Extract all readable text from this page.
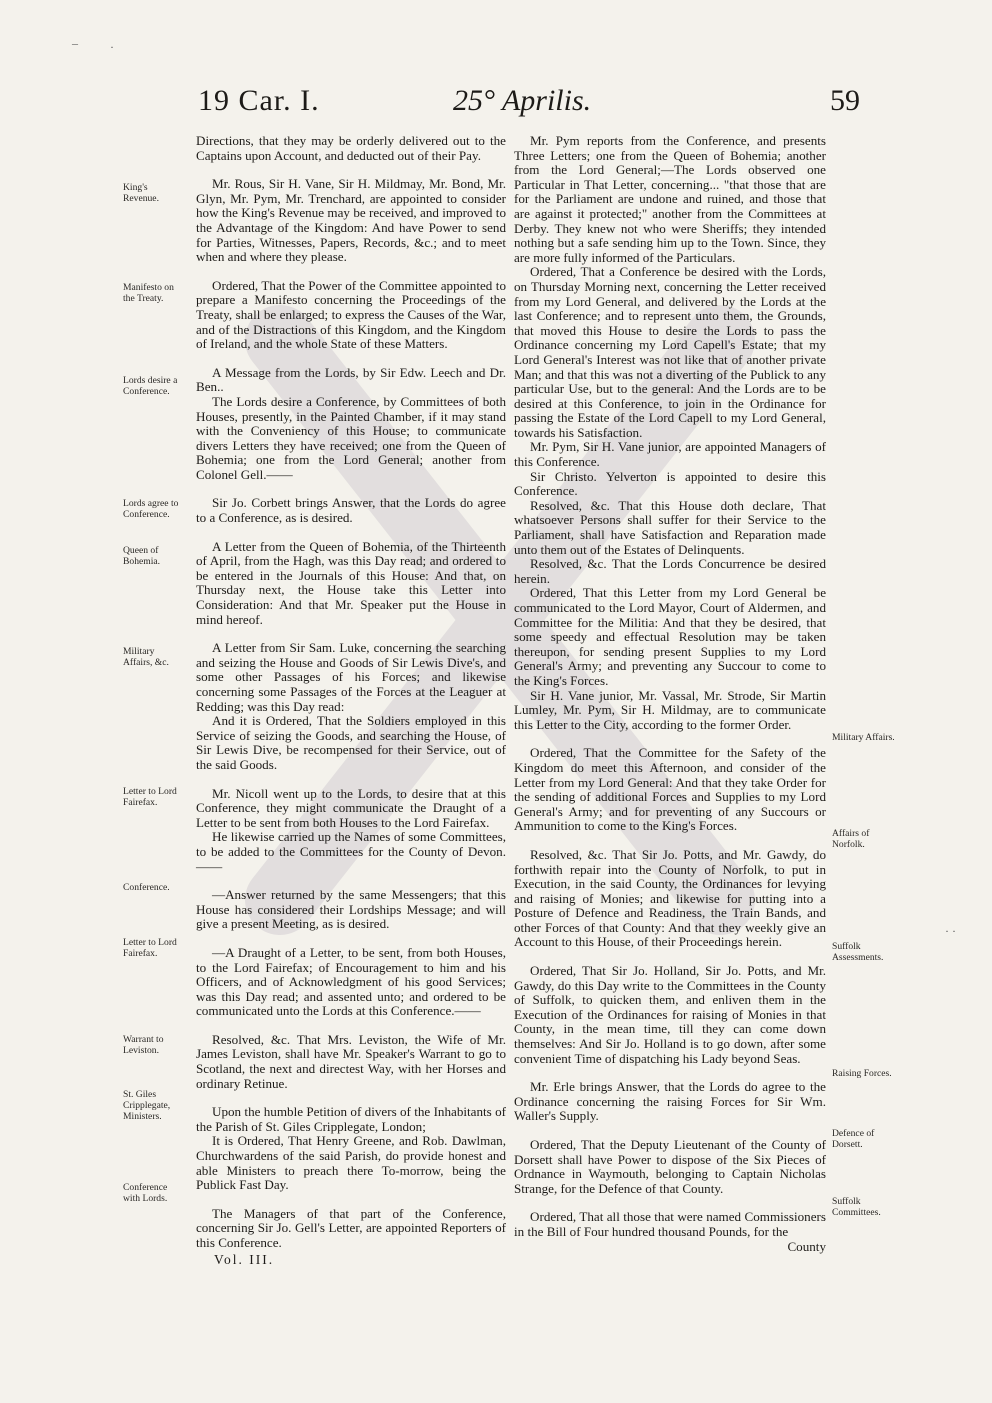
·
–
· ·
19 Car. I.	25° Aprilis.	59
King's Revenue.
Manifesto on the Treaty.
Lords desire a Conference.
Lords agree to Conference.
Queen of Bohemia.
Military Affairs, &c.
Letter to Lord Fairefax.
Conference.
Letter to Lord Fairefax.
Warrant to Leviston.
St. Giles Cripplegate, Ministers.
Conference with Lords.
Military Affairs.
Affairs of Norfolk.
Suffolk Assessments.
Raising Forces.
Defence of Dorsett.
Suffolk Committees.

Directions, that they may be orderly delivered out to the Captains upon Account, and deducted out of their Pay.

Mr. Rous, Sir H. Vane, Sir H. Mildmay, Mr. Bond, Mr. Glyn, Mr. Pym, Mr. Trenchard, are appointed to consider how the King's Revenue may be received, and improved to the Advantage of the Kingdom: And have Power to send for Parties, Witnesses, Papers, Records, &c.; and to meet when and where they please.

Ordered, That the Power of the Committee appointed to prepare a Manifesto concerning the Proceedings of the Treaty, shall be enlarged; to express the Causes of the War, and of the Distractions of this Kingdom, and the Kingdom of Ireland, and the whole State of these Matters.

A Message from the Lords, by Sir Edw. Leech and Dr. Ben..

The Lords desire a Conference, by Committees of both Houses, presently, in the Painted Chamber, if it may stand with the Conveniency of this House; to communicate divers Letters they have received; one from the Queen of Bohemia; one from the Lord General; another from Colonel Gell.——

Sir Jo. Corbett brings Answer, that the Lords do agree to a Conference, as is desired.

A Letter from the Queen of Bohemia, of the Thirteenth of April, from the Hagh, was this Day read; and ordered to be entered in the Journals of this House: And that, on Thursday next, the House take this Letter into Consideration: And that Mr. Speaker put the House in mind hereof.

A Letter from Sir Sam. Luke, concerning the searching and seizing the House and Goods of Sir Lewis Dive's, and some other Passages of his Forces; and likewise concerning some Passages of the Forces at the Leaguer at Redding; was this Day read:

And it is Ordered, That the Soldiers employed in this Service of seizing the Goods, and searching the House, of Sir Lewis Dive, be recompensed for their Service, out of the said Goods.

Mr. Nicoll went up to the Lords, to desire that at this Conference, they might communicate the Draught of a Letter to be sent from both Houses to the Lord Fairefax.

He likewise carried up the Names of some Committees, to be added to the Committees for the County of Devon.——

—Answer returned by the same Messengers; that this House has considered their Lordships Message; and will give a present Meeting, as is desired.

—A Draught of a Letter, to be sent, from both Houses, to the Lord Fairefax; of Encouragement to him and his Officers, and of Acknowledgment of his good Services; was this Day read; and assented unto; and ordered to be communicated unto the Lords at this Conference.——

Resolved, &c. That Mrs. Leviston, the Wife of Mr. James Leviston, shall have Mr. Speaker's Warrant to go to Scotland, the next and directest Way, with her Horses and ordinary Retinue.

Upon the humble Petition of divers of the Inhabitants of the Parish of St. Giles Cripplegate, London;

It is Ordered, That Henry Greene, and Rob. Dawlman, Churchwardens of the said Parish, do provide honest and able Ministers to preach there To-morrow, being the Publick Fast Day.

The Managers of that part of the Conference, concerning Sir Jo. Gell's Letter, are appointed Reporters of this Conference.

Vol. III.

Mr. Pym reports from the Conference, and presents Three Letters; one from the Queen of Bohemia; another from the Lord General;—The Lords observed one Particular in That Letter, concerning... "that those that are for the Parliament are undone and ruined, and those that are against it protected;" another from the Committees at Derby. They knew not who were Sheriffs; they intended nothing but a safe sending him up to the Town. Since, they are more fully informed of the Particulars.

Ordered, That a Conference be desired with the Lords, on Thursday Morning next, concerning the Letter received from my Lord General, and delivered by the Lords at the last Conference; and to represent unto them, the Grounds, that moved this House to desire the Lords to pass the Ordinance concerning my Lord Capell's Estate; that my Lord General's Interest was not like that of another private Man; and that this was not a diverting of the Publick to any particular Use, but to the general: And the Lords are to be desired at this Conference, to join in the Ordinance for passing the Estate of the Lord Capell to my Lord General, towards his Satisfaction.

Mr. Pym, Sir H. Vane junior, are appointed Managers of this Conference.

Sir Christo. Yelverton is appointed to desire this Conference.

Resolved, &c. That this House doth declare, That whatsoever Persons shall suffer for their Service to the Parliament, shall have Satisfaction and Reparation made unto them out of the Estates of Delinquents.

Resolved, &c. That the Lords Concurrence be desired herein.

Ordered, That this Letter from my Lord General be communicated to the Lord Mayor, Court of Aldermen, and Committee for the Militia: And that they be desired, that some speedy and effectual Resolution may be taken thereupon, for sending present Supplies to my Lord General's Army; and preventing any Succour to come to the King's Forces.

Sir H. Vane junior, Mr. Vassal, Mr. Strode, Sir Martin Lumley, Mr. Pym, Sir H. Mildmay, are to communicate this Letter to the City, according to the former Order.

Ordered, That the Committee for the Safety of the Kingdom do meet this Afternoon, and consider of the Letter from my Lord General: And that they take Order for the sending of additional Forces and Supplies to my Lord General's Army; and for preventing of any Succours or Ammunition to come to the King's Forces.

Resolved, &c. That Sir Jo. Potts, and Mr. Gawdy, do forthwith repair into the County of Norfolk, to put in Execution, in the said County, the Ordinances for levying and raising of Monies; and likewise for putting into a Posture of Defence and Readiness, the Train Bands, and other Forces of that County: And that they weekly give an Account to this House, of their Proceedings herein.

Ordered, That Sir Jo. Holland, Sir Jo. Potts, and Mr. Gawdy, do this Day write to the Committees in the County of Suffolk, to quicken them, and enliven them in the Execution of the Ordinances for raising of Monies in that County, in the mean time, till they can come down themselves: And Sir Jo. Holland is to go down, after some convenient Time of dispatching his Lady beyond Seas.

Mr. Erle brings Answer, that the Lords do agree to the Ordinance concerning the raising Forces for Sir Wm. Waller's Supply.

Ordered, That the Deputy Lieutenant of the County of Dorsett shall have Power to dispose of the Six Pieces of Ordnance in Waymouth, belonging to Captain Nicholas Strange, for the Defence of that County.

Ordered, That all those that were named Commissioners in the Bill of Four hundred thousand Pounds, for the

County
